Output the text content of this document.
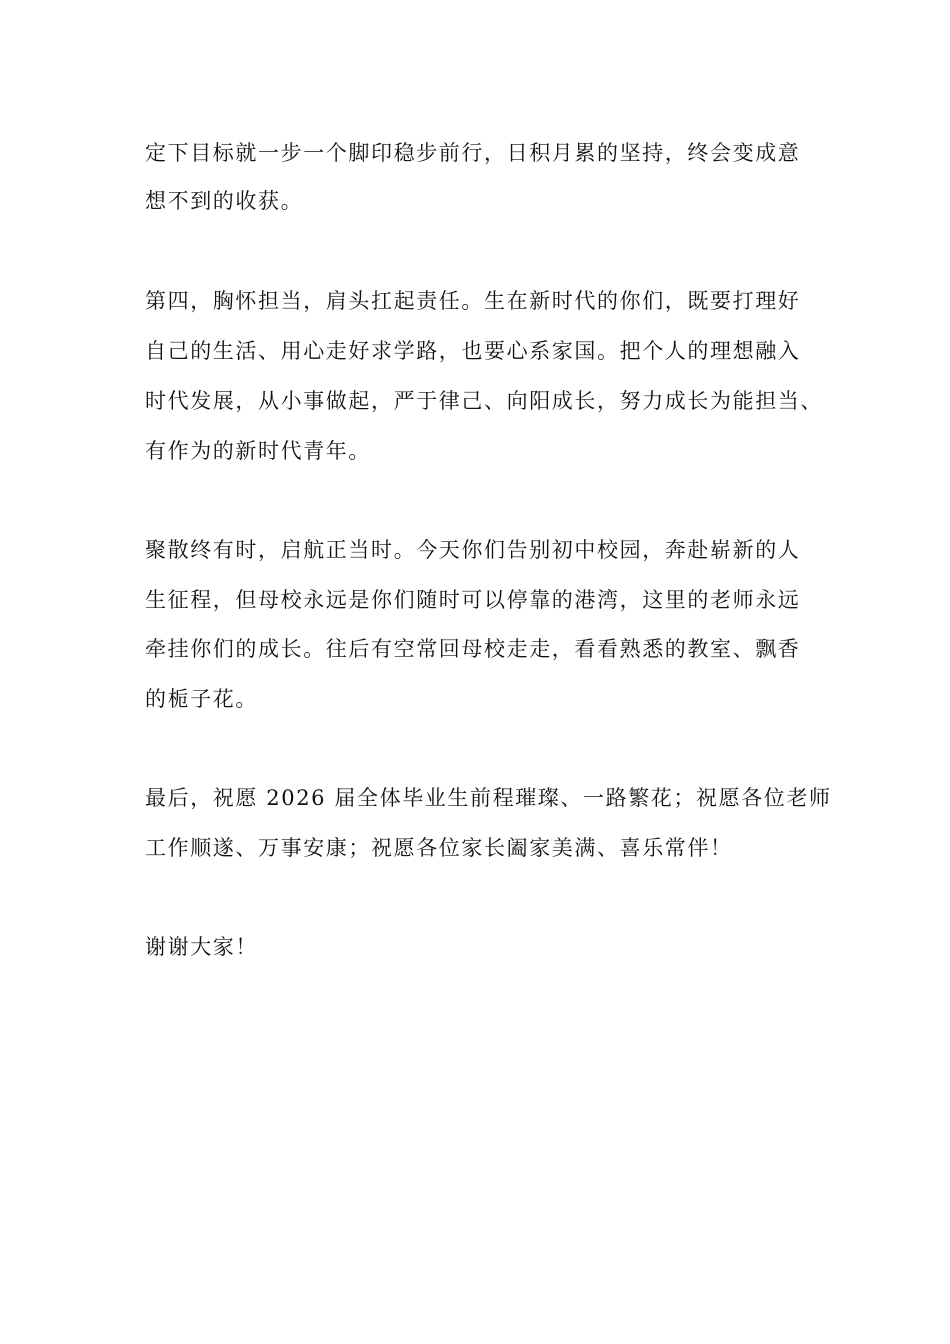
定下目标就一步一个脚印稳步前行，日积月累的坚持，终会变成意

想不到的收获。

第四，胸怀担当，肩头扛起责任。生在新时代的你们，既要打理好

自己的生活、用心走好求学路，也要心系家国。把个人的理想融入

时代发展，从小事做起，严于律己、向阳成长，努力成长为能担当、

有作为的新时代青年。

聚散终有时，启航正当时。今天你们告别初中校园，奔赴崭新的人

生征程，但母校永远是你们随时可以停靠的港湾，这里的老师永远

牵挂你们的成长。往后有空常回母校走走，看看熟悉的教室、飘香

的栀子花。

最后，祝愿 2026 届全体毕业生前程璀璨、一路繁花；祝愿各位老师

工作顺遂、万事安康；祝愿各位家长阖家美满、喜乐常伴！

谢谢大家！
